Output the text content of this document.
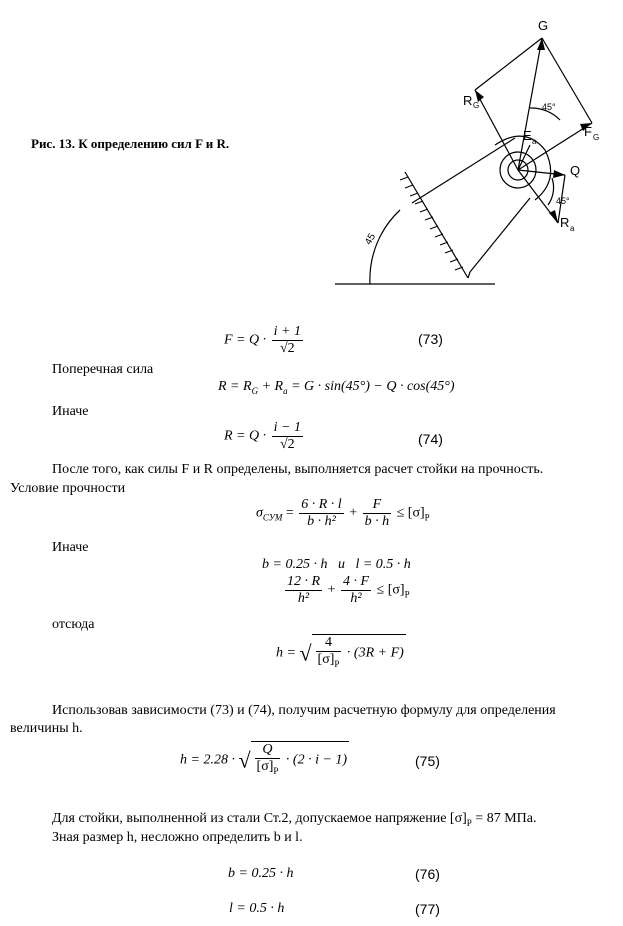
Рис. 13. К определению сил F и R.
G
R G	45°
E a
F G
Q
45°
R a
45
$F = Q \cdot \frac{i + 1}{√2}$	(73)
Поперечная сила
$R = R_G + R_a = G \cdot \sin(45^\circ) - Q \cdot \cos(45^\circ)$
Иначе
$R = Q \cdot \frac{i - 1}{√2}$	(74)
После того, как силы F и R определены, выполняется расчет стойки на прочность.
Условие прочности
$\sigma_{СУМ} = \frac{6 \cdot R \cdot l}{\text{b · h²}} + \frac{F}{b \cdot h} \le [\sigma]_P$
Иначе
b = 0.25 · h   и   l = 0.5 · h
$\frac{12 \cdot R}{\text{h²}} + \frac{4 \cdot F}{\text{h²}} \le [\sigma]_P$
отсюда
h = √ $\frac{4}{[\sigma]_P} \cdot (3R + F)$
Использовав зависимости (73) и (74), получим расчетную формулу для определения величины h.
h = 2.28 · √ $\frac{Q}{[\sigma]_P} \cdot (2 \cdot i - 1)$	(75)
Для стойки, выполненной из стали Ст.2, допускаемое напряжение $[\sigma]_Р = 87$ МПа.
Зная размер h, несложно определить b и l.
b = 0.25 · h	(76)
l = 0.5 · h	(77)
